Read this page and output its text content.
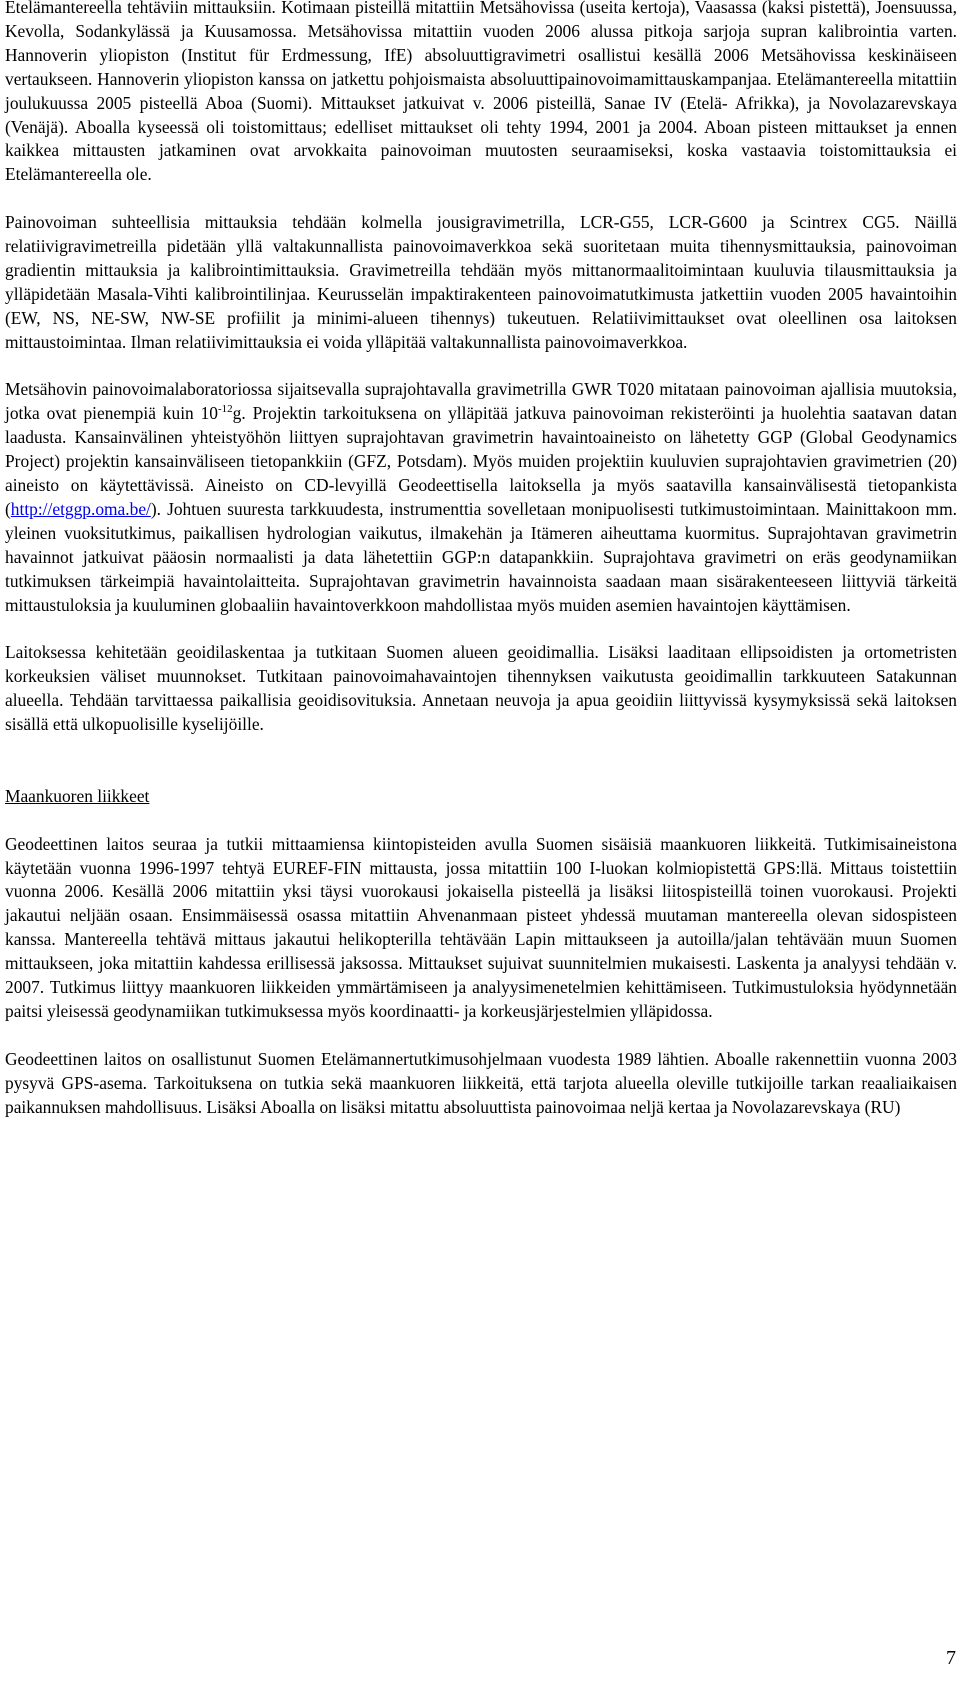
Etelämantereella tehtäviin mittauksiin. Kotimaan pisteillä mitattiin Metsähovissa (useita kertoja), Vaasassa (kaksi pistettä), Joensuussa, Kevolla, Sodankylässä ja Kuusamossa. Metsähovissa mitattiin vuoden 2006 alussa pitkoja sarjoja supran kalibrointia varten. Hannoverin yliopiston (Institut für Erdmessung, IfE) absoluuttigravimetri osallistui kesällä 2006 Metsähovissa keskinäiseen vertaukseen. Hannoverin yliopiston kanssa on jatkettu pohjoismaista absoluuttipainovoimamittauskampanjaa. Etelämantereella mitattiin joulukuussa 2005 pisteellä Aboa (Suomi). Mittaukset jatkuivat v. 2006 pisteillä, Sanae IV (Etelä- Afrikka), ja Novolazarevskaya (Venäjä). Aboalla kyseessä oli toistomittaus; edelliset mittaukset oli tehty 1994, 2001 ja 2004. Aboan pisteen mittaukset ja ennen kaikkea mittausten jatkaminen ovat arvokkaita painovoiman muutosten seuraamiseksi, koska vastaavia toistomittauksia ei Etelämantereella ole.

Painovoiman suhteellisia mittauksia tehdään kolmella jousigravimetrilla, LCR-G55, LCR-G600 ja Scintrex CG5. Näillä relatiivigravimetreilla pidetään yllä valtakunnallista painovoimaverkkoa sekä suoritetaan muita tihennysmittauksia, painovoiman gradientin mittauksia ja kalibrointimittauksia. Gravimetreilla tehdään myös mittanormaalitoimintaan kuuluvia tilausmittauksia ja ylläpidetään Masala-Vihti kalibrointilinjaa. Keurusselän impaktirakenteen painovoimatutkimusta jatkettiin vuoden 2005 havaintoihin (EW, NS, NE-SW, NW-SE profiilit ja minimi-alueen tihennys) tukeutuen. Relatiivimittaukset ovat oleellinen osa laitoksen mittaustoimintaa. Ilman relatiivimittauksia ei voida ylläpitää valtakunnallista painovoimaverkkoa.

Metsähovin painovoimalaboratoriossa sijaitsevalla suprajohtavalla gravimetrilla GWR T020 mitataan painovoiman ajallisia muutoksia, jotka ovat pienempiä kuin $10^{-12}g$. Projektin tarkoituksena on ylläpitää jatkuva painovoiman rekisteröinti ja huolehtia saatavan datan laadusta. Kansainvälinen yhteistyöhön liittyen suprajohtavan gravimetrin havaintoaineisto on lähetetty GGP (Global Geodynamics Project) projektin kansainväliseen tietopankkiin (GFZ, Potsdam). Myös muiden projektiin kuuluvien suprajohtavien gravimetrien (20) aineisto on käytettävissä. Aineisto on CD-levyillä Geodeettisella laitoksella ja myös saatavilla kansainvälisestä tietopankista (http://etggp.oma.be/). Johtuen suuresta tarkkuudesta, instrumenttia sovelletaan monipuolisesti tutkimustoimintaan. Mainittakoon mm. yleinen vuoksitutkimus, paikallisen hydrologian vaikutus, ilmakehän ja Itämeren aiheuttama kuormitus. Suprajohtavan gravimetrin havainnot jatkuivat pääosin normaalisti ja data lähetettiin GGP:n datapankkiin. Suprajohtava gravimetri on eräs geodynamiikan tutkimuksen tärkeimpiä havaintolaitteita. Suprajohtavan gravimetrin havainnoista saadaan maan sisärakenteeseen liittyviä tärkeitä mittaustuloksia ja kuuluminen globaaliin havaintoverkkoon mahdollistaa myös muiden asemien havaintojen käyttämisen.

Laitoksessa kehitetään geoidilaskentaa ja tutkitaan Suomen alueen geoidimallia. Lisäksi laaditaan ellipsoidisten ja ortometristen korkeuksien väliset muunnokset. Tutkitaan painovoimahavaintojen tihennyksen vaikutusta geoidimallin tarkkuuteen Satakunnan alueella. Tehdään tarvittaessa paikallisia geoidisovituksia. Annetaan neuvoja ja apua geoidiin liittyvissä kysymyksissä sekä laitoksen sisällä että ulkopuolisille kyselijöille.

Maankuoren liikkeet

Geodeettinen laitos seuraa ja tutkii mittaamiensa kiintopisteiden avulla Suomen sisäisiä maankuoren liikkeitä. Tutkimisaineistona käytetään vuonna 1996-1997 tehtyä EUREF-FIN mittausta, jossa mitattiin 100 I-luokan kolmiopistettä GPS:llä. Mittaus toistettiin vuonna 2006. Kesällä 2006 mitattiin yksi täysi vuorokausi jokaisella pisteellä ja lisäksi liitospisteillä toinen vuorokausi. Projekti jakautui neljään osaan. Ensimmäisessä osassa mitattiin Ahvenanmaan pisteet yhdessä muutaman mantereella olevan sidospisteen kanssa. Mantereella tehtävä mittaus jakautui helikopterilla tehtävään Lapin mittaukseen ja autoilla/jalan tehtävään muun Suomen mittaukseen, joka mitattiin kahdessa erillisessä jaksossa. Mittaukset sujuivat suunnitelmien mukaisesti. Laskenta ja analyysi tehdään v. 2007. Tutkimus liittyy maankuoren liikkeiden ymmärtämiseen ja analyysimenetelmien kehittämiseen. Tutkimustuloksia hyödynnetään paitsi yleisessä geodynamiikan tutkimuksessa myös koordinaatti- ja korkeusjärjestelmien ylläpidossa.

Geodeettinen laitos on osallistunut Suomen Etelämannertutkimusohjelmaan vuodesta 1989 lähtien. Aboalle rakennettiin vuonna 2003 pysyvä GPS-asema. Tarkoituksena on tutkia sekä maankuoren liikkeitä, että tarjota alueella oleville tutkijoille tarkan reaaliaikaisen paikannuksen mahdollisuus. Lisäksi Aboalla on lisäksi mitattu absoluuttista painovoimaa neljä kertaa ja Novolazarevskaya (RU)

7
